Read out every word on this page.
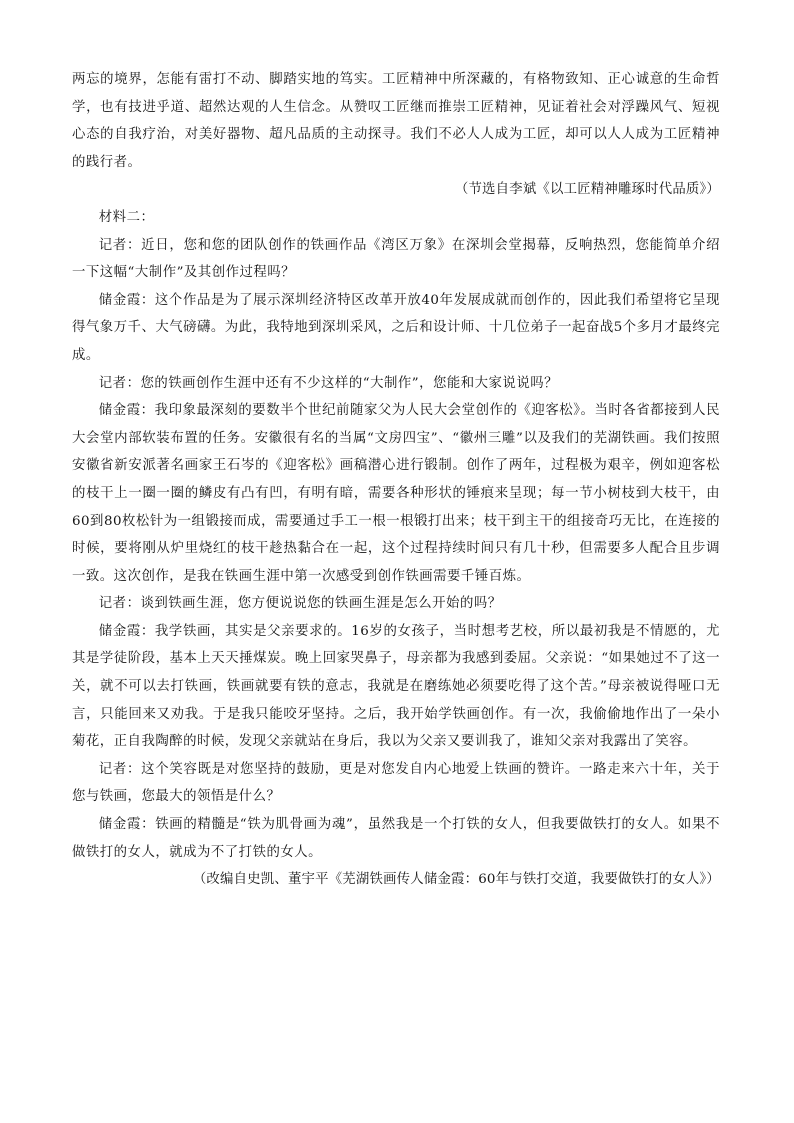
两忘的境界，怎能有雷打不动、脚踏实地的笃实。工匠精神中所深藏的，有格物致知、正心诚意的生命哲学，也有技进乎道、超然达观的人生信念。从赞叹工匠继而推崇工匠精神，见证着社会对浮躁风气、短视心态的自我疗治，对美好器物、超凡品质的主动探寻。我们不必人人成为工匠，却可以人人成为工匠精神的践行者。

（节选自李斌《以工匠精神雕琢时代品质》）

材料二：

记者：近日，您和您的团队创作的铁画作品《湾区万象》在深圳会堂揭幕，反响热烈，您能简单介绍一下这幅“大制作”及其创作过程吗？

储金霞：这个作品是为了展示深圳经济特区改革开放40年发展成就而创作的，因此我们希望将它呈现得气象万千、大气磅礴。为此，我特地到深圳采风，之后和设计师、十几位弟子一起奋战5个多月才最终完成。

记者：您的铁画创作生涯中还有不少这样的“大制作”，您能和大家说说吗？

储金霞：我印象最深刻的要数半个世纪前随家父为人民大会堂创作的《迎客松》。当时各省都接到人民大会堂内部软装布置的任务。安徽很有名的当属“文房四宝”、“徽州三雕”以及我们的芜湖铁画。我们按照安徽省新安派著名画家王石岑的《迎客松》画稿潜心进行锻制。创作了两年，过程极为艰辛，例如迎客松的枝干上一圈一圈的鳞皮有凸有凹，有明有暗，需要各种形状的锤痕来呈现；每一节小树枝到大枝干，由60到80枚松针为一组锻接而成，需要通过手工一根一根锻打出来；枝干到主干的组接奇巧无比，在连接的时候，要将刚从炉里烧红的枝干趁热黏合在一起，这个过程持续时间只有几十秒，但需要多人配合且步调一致。这次创作，是我在铁画生涯中第一次感受到创作铁画需要千锤百炼。

记者：谈到铁画生涯，您方便说说您的铁画生涯是怎么开始的吗？

储金霞：我学铁画，其实是父亲要求的。16岁的女孩子，当时想考艺校，所以最初我是不情愿的，尤其是学徒阶段，基本上天天捶煤炭。晚上回家哭鼻子，母亲都为我感到委屈。父亲说：“如果她过不了这一关，就不可以去打铁画，铁画就要有铁的意志，我就是在磨练她必须要吃得了这个苦。”母亲被说得哑口无言，只能回来又劝我。于是我只能咬牙坚持。之后，我开始学铁画创作。有一次，我偷偷地作出了一朵小菊花，正自我陶醉的时候，发现父亲就站在身后，我以为父亲又要训我了，谁知父亲对我露出了笑容。

记者：这个笑容既是对您坚持的鼓励，更是对您发自内心地爱上铁画的赞许。一路走来六十年，关于您与铁画，您最大的领悟是什么？

储金霞：铁画的精髓是“铁为肌骨画为魂”，虽然我是一个打铁的女人，但我要做铁打的女人。如果不做铁打的女人，就成为不了打铁的女人。

（改编自史凯、董宇平《芜湖铁画传人储金霞：60年与铁打交道，我要做铁打的女人》）
